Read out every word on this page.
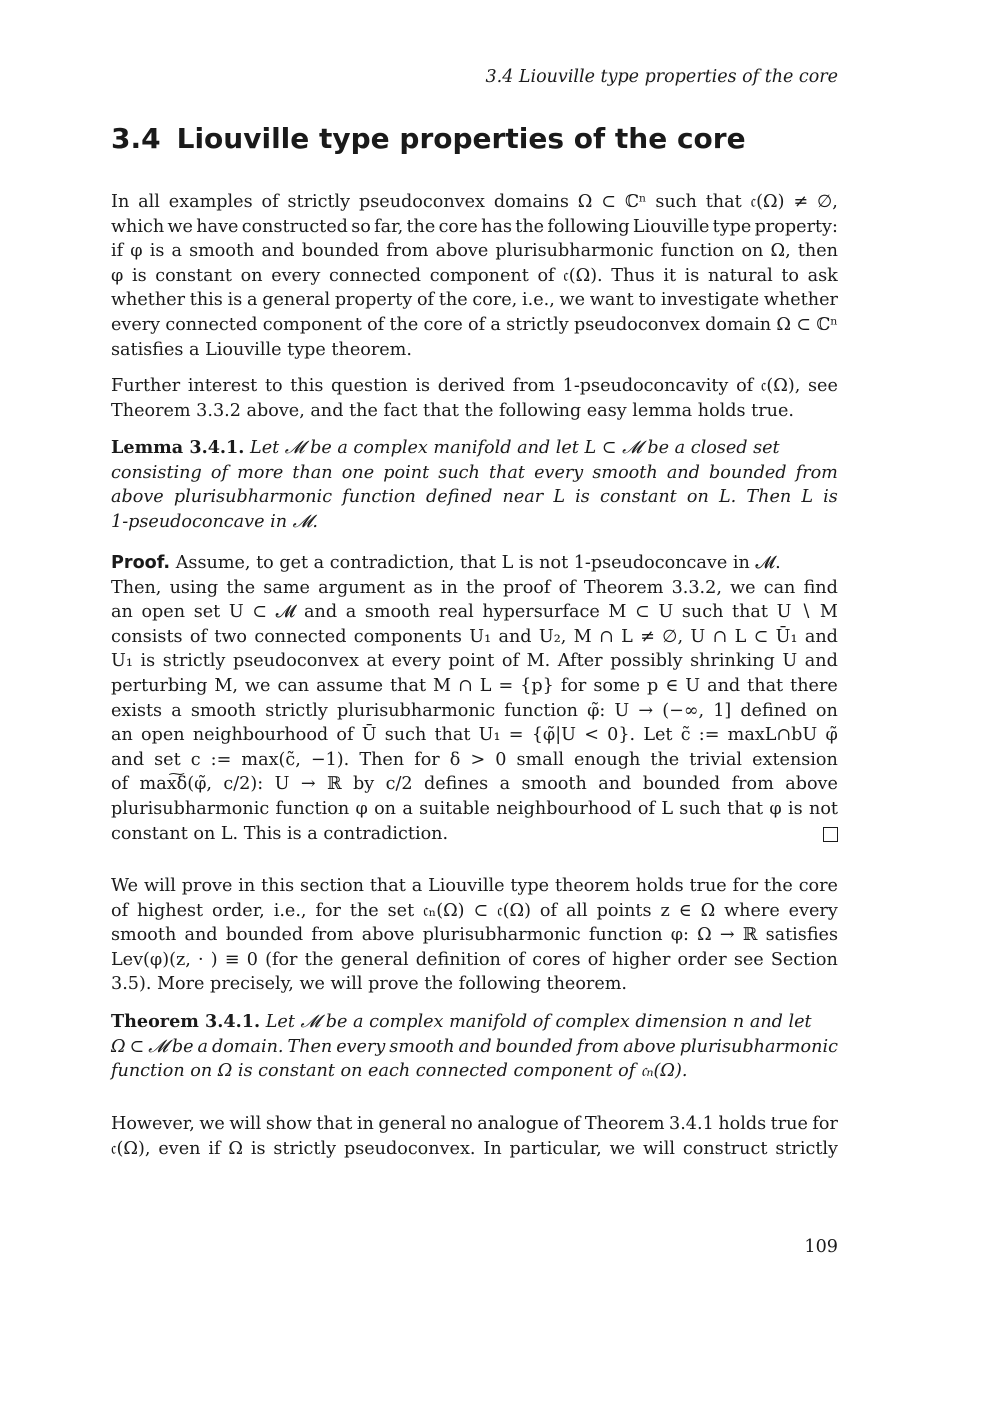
3.4 Liouville type properties of the core
3.4 Liouville type properties of the core
In all examples of strictly pseudoconvex domains Ω ⊂ ℂⁿ such that 𝔠(Ω) ≠ ∅,
which we have constructed so far, the core has the following Liouville type property:
if φ is a smooth and bounded from above plurisubharmonic function on Ω, then
φ is constant on every connected component of 𝔠(Ω). Thus it is natural to ask
whether this is a general property of the core, i.e., we want to investigate whether
every connected component of the core of a strictly pseudoconvex domain Ω ⊂ ℂⁿ
satisfies a Liouville type theorem.
Further interest to this question is derived from 1-pseudoconcavity of 𝔠(Ω), see
Theorem 3.3.2 above, and the fact that the following easy lemma holds true.
Lemma 3.4.1. Let 𝓜 be a complex manifold and let L ⊂ 𝓜 be a closed set
consisting of more than one point such that every smooth and bounded from
above plurisubharmonic function defined near L is constant on L. Then L is
1-pseudoconcave in 𝓜.
Proof. Assume, to get a contradiction, that L is not 1-pseudoconcave in 𝓜.
Then, using the same argument as in the proof of Theorem 3.3.2, we can find
an open set U ⊂ 𝓜 and a smooth real hypersurface M ⊂ U such that U ∖ M
consists of two connected components U₁ and U₂, M ∩ L ≠ ∅, U ∩ L ⊂ Ū₁ and
U₁ is strictly pseudoconvex at every point of M. After possibly shrinking U and
perturbing M, we can assume that M ∩ L = {p} for some p ∈ U and that there
exists a smooth strictly plurisubharmonic function φ̃: U → (−∞, 1] defined on
an open neighbourhood of Ū such that U₁ = {φ̃|U < 0}. Let c̃ := maxL∩bU φ̃
and set c := max(c̃, −1). Then for δ > 0 small enough the trivial extension
of max͠δ(φ̃, c/2): U → ℝ by c/2 defines a smooth and bounded from above
plurisubharmonic function φ on a suitable neighbourhood of L such that φ is not
constant on L. This is a contradiction.
We will prove in this section that a Liouville type theorem holds true for the core
of highest order, i.e., for the set 𝔠ₙ(Ω) ⊂ 𝔠(Ω) of all points z ∈ Ω where every
smooth and bounded from above plurisubharmonic function φ: Ω → ℝ satisfies
Lev(φ)(z, · ) ≡ 0 (for the general definition of cores of higher order see Section
3.5). More precisely, we will prove the following theorem.
Theorem 3.4.1. Let 𝓜 be a complex manifold of complex dimension n and let
Ω ⊂ 𝓜 be a domain. Then every smooth and bounded from above plurisubharmonic
function on Ω is constant on each connected component of 𝔠ₙ(Ω).
However, we will show that in general no analogue of Theorem 3.4.1 holds true for
𝔠(Ω), even if Ω is strictly pseudoconvex. In particular, we will construct strictly
109
